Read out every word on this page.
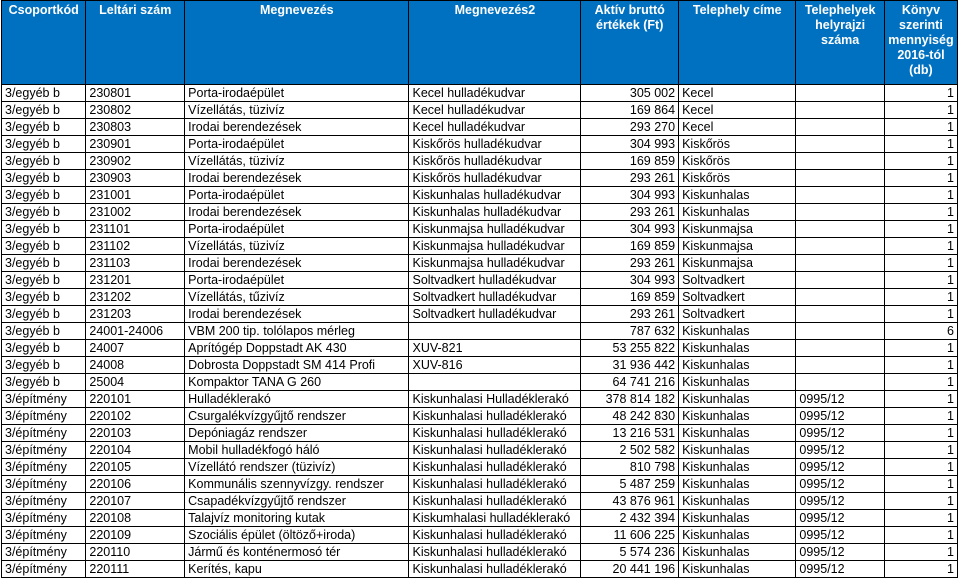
Csoportkód	Leltári szám	Megnevezés	Megnevezés2	Aktív bruttó értékek (Ft)	Telephely címe	Telephelyek helyrajzi száma	Könyv szerinti mennyiség 2016-tól (db)
3/egyéb b	230801	Porta-irodaépület	Kecel hulladékudvar	305 002	Kecel		1
3/egyéb b	230802	Vízellátás, tüzivíz	Kecel hulladékudvar	169 864	Kecel		1
3/egyéb b	230803	Irodai berendezések	Kecel hulladékudvar	293 270	Kecel		1
3/egyéb b	230901	Porta-irodaépület	Kiskőrös hulladékudvar	304 993	Kiskőrös		1
3/egyéb b	230902	Vízellátás, tüzivíz	Kiskőrös hulladékudvar	169 859	Kiskőrös		1
3/egyéb b	230903	Irodai berendezések	Kiskőrös hulladékudvar	293 261	Kiskőrös		1
3/egyéb b	231001	Porta-irodaépület	Kiskunhalas hulladékudvar	304 993	Kiskunhalas		1
3/egyéb b	231002	Irodai berendezések	Kiskunhalas hulladékudvar	293 261	Kiskunhalas		1
3/egyéb b	231101	Porta-irodaépület	Kiskunmajsa hulladékudvar	304 993	Kiskunmajsa		1
3/egyéb b	231102	Vízellátás, tüzivíz	Kiskunmajsa hulladékudvar	169 859	Kiskunmajsa		1
3/egyéb b	231103	Irodai berendezések	Kiskunmajsa hulladékudvar	293 261	Kiskunmajsa		1
3/egyéb b	231201	Porta-irodaépület	Soltvadkert hulladékudvar	304 993	Soltvadkert		1
3/egyéb b	231202	Vízellátás, tűzivíz	Soltvadkert hulladékudvar	169 859	Soltvadkert		1
3/egyéb b	231203	Irodai berendezések	Soltvadkert hulladékudvar	293 261	Soltvadkert		1
3/egyéb b	24001-24006	VBM 200 tip. tolólapos mérleg		787 632	Kiskunhalas		6
3/egyéb b	24007	Aprítógép Doppstadt AK 430	XUV-821	53 255 822	Kiskunhalas		1
3/egyéb b	24008	Dobrosta Doppstadt SM 414 Profi	XUV-816	31 936 442	Kiskunhalas		1
3/egyéb b	25004	Kompaktor TANA G 260		64 741 216	Kiskunhalas		1
3/építmény	220101	Hulladéklerakó	Kiskunhalasi Hulladéklerakó	378 814 182	Kiskunhalas	0995/12	1
3/építmény	220102	Csurgalékvízgyűjtő rendszer	Kiskunhalasi hulladéklerakó	48 242 830	Kiskunhalas	0995/12	1
3/építmény	220103	Depóniagáz rendszer	Kiskunhalasi hulladéklerakó	13 216 531	Kiskunhalas	0995/12	1
3/építmény	220104	Mobil hulladékfogó háló	Kiskunhalasi hulladéklerakó	2 502 582	Kiskunhalas	0995/12	1
3/építmény	220105	Vízellátó rendszer (tüzivíz)	Kiskunhalasi hulladéklerakó	810 798	Kiskunhalas	0995/12	1
3/építmény	220106	Kommunális szennyvízgy. rendszer	Kiskunhalasi hulladéklerakó	5 487 259	Kiskunhalas	0995/12	1
3/építmény	220107	Csapadékvízgyűjtő rendszer	Kiskunhalasi hulladéklerakó	43 876 961	Kiskunhalas	0995/12	1
3/építmény	220108	Talajvíz monitoring kutak	Kiskumhalasi hulladéklerakó	2 432 394	Kiskunhalas	0995/12	1
3/építmény	220109	Szociális épület (öltöző+iroda)	Kiskunhalasi hulladéklerakó	11 606 225	Kiskunhalas	0995/12	1
3/építmény	220110	Jármű és konténermosó tér	Kiskunhalasi hulladéklerakó	5 574 236	Kiskunhalas	0995/12	1
3/építmény	220111	Kerítés, kapu	Kiskunhalasi hulladéklerakó	20 441 196	Kiskunhalas	0995/12	1
